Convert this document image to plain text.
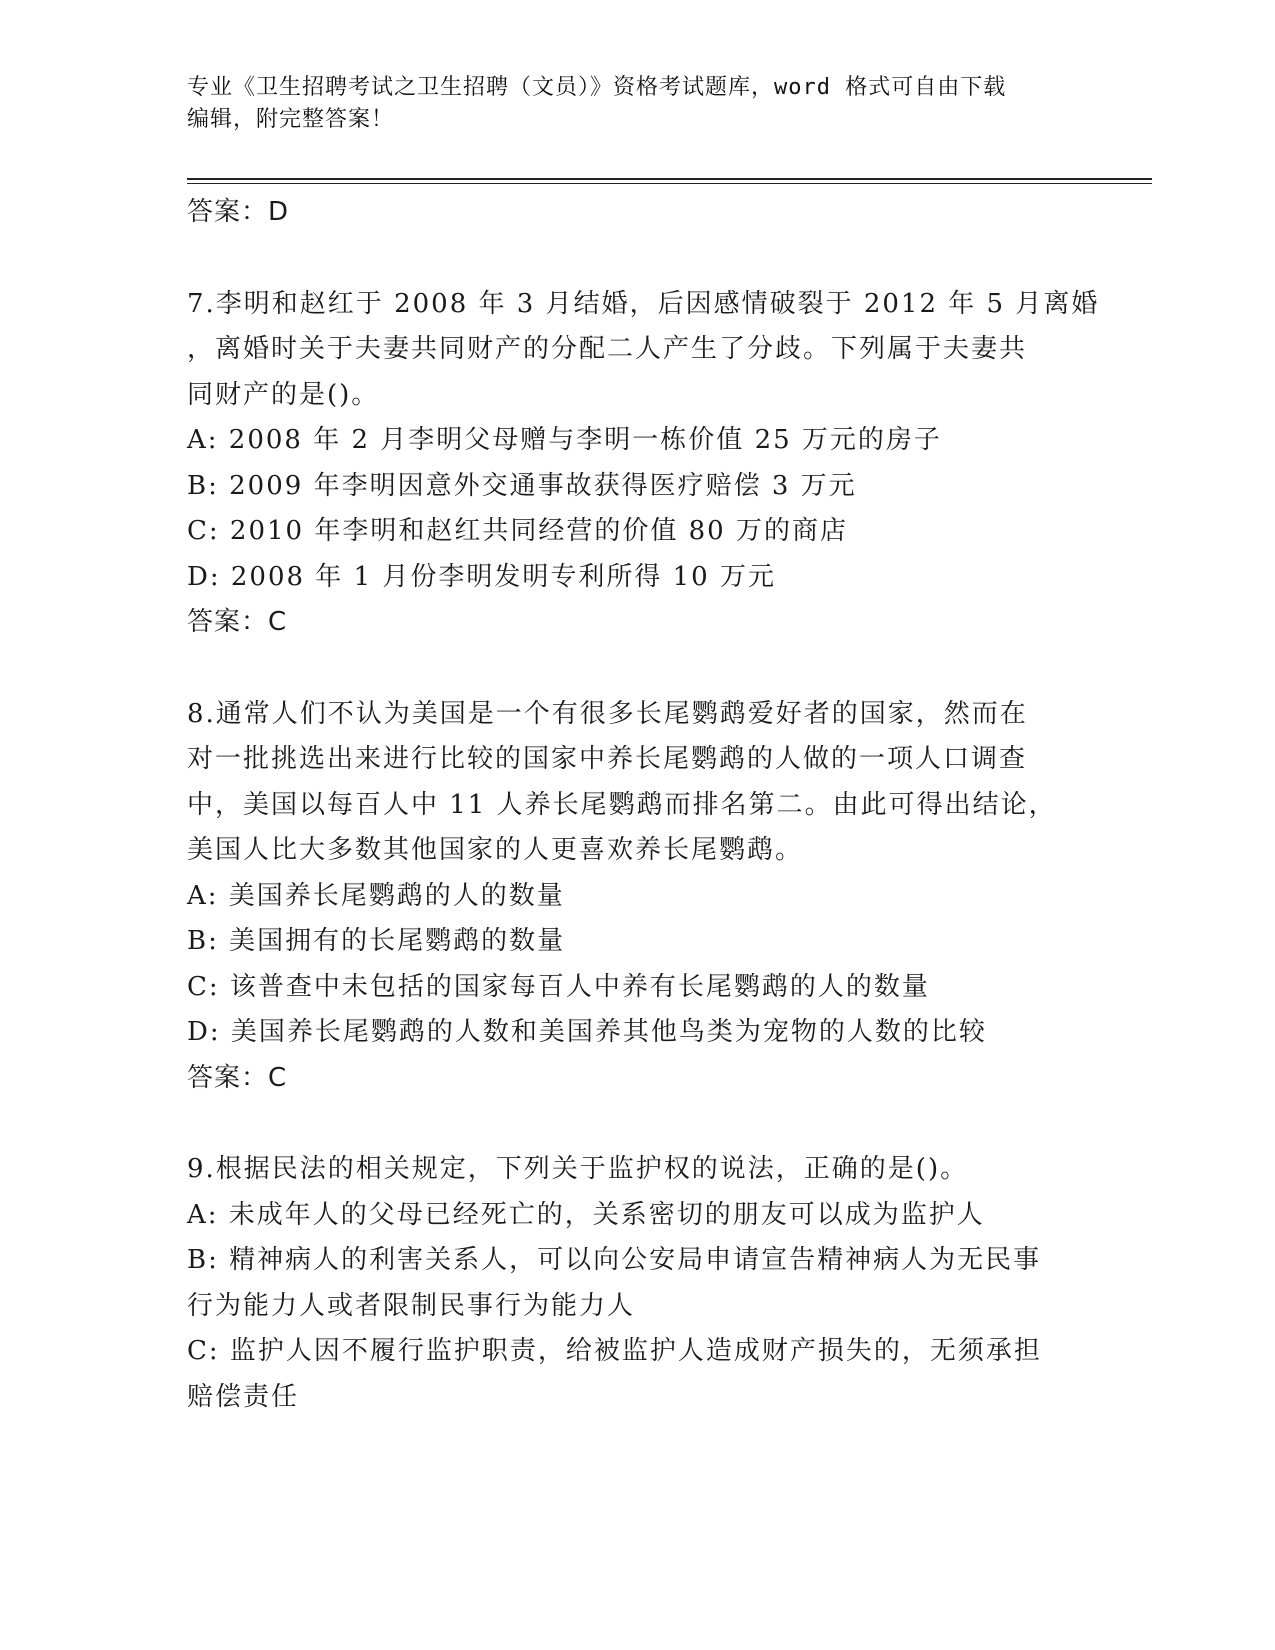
专业《卫生招聘考试之卫生招聘（文员）》资格考试题库，word 格式可自由下载
编辑，附完整答案！
答案：D
7.李明和赵红于 2008 年 3 月结婚，后因感情破裂于 2012 年 5 月离婚
，离婚时关于夫妻共同财产的分配二人产生了分歧。下列属于夫妻共
同财产的是()。
A: 2008 年 2 月李明父母赠与李明一栋价值 25 万元的房子
B: 2009 年李明因意外交通事故获得医疗赔偿 3 万元
C: 2010 年李明和赵红共同经营的价值 80 万的商店
D: 2008 年 1 月份李明发明专利所得 10 万元
答案：C
8.通常人们不认为美国是一个有很多长尾鹦鹉爱好者的国家，然而在
对一批挑选出来进行比较的国家中养长尾鹦鹉的人做的一项人口调查
中，美国以每百人中 11 人养长尾鹦鹉而排名第二。由此可得出结论，
美国人比大多数其他国家的人更喜欢养长尾鹦鹉。
A: 美国养长尾鹦鹉的人的数量
B: 美国拥有的长尾鹦鹉的数量
C: 该普查中未包括的国家每百人中养有长尾鹦鹉的人的数量
D: 美国养长尾鹦鹉的人数和美国养其他鸟类为宠物的人数的比较
答案：C
9.根据民法的相关规定，下列关于监护权的说法，正确的是()。
A: 未成年人的父母已经死亡的，关系密切的朋友可以成为监护人
B: 精神病人的利害关系人，可以向公安局申请宣告精神病人为无民事
行为能力人或者限制民事行为能力人
C: 监护人因不履行监护职责，给被监护人造成财产损失的，无须承担
赔偿责任
